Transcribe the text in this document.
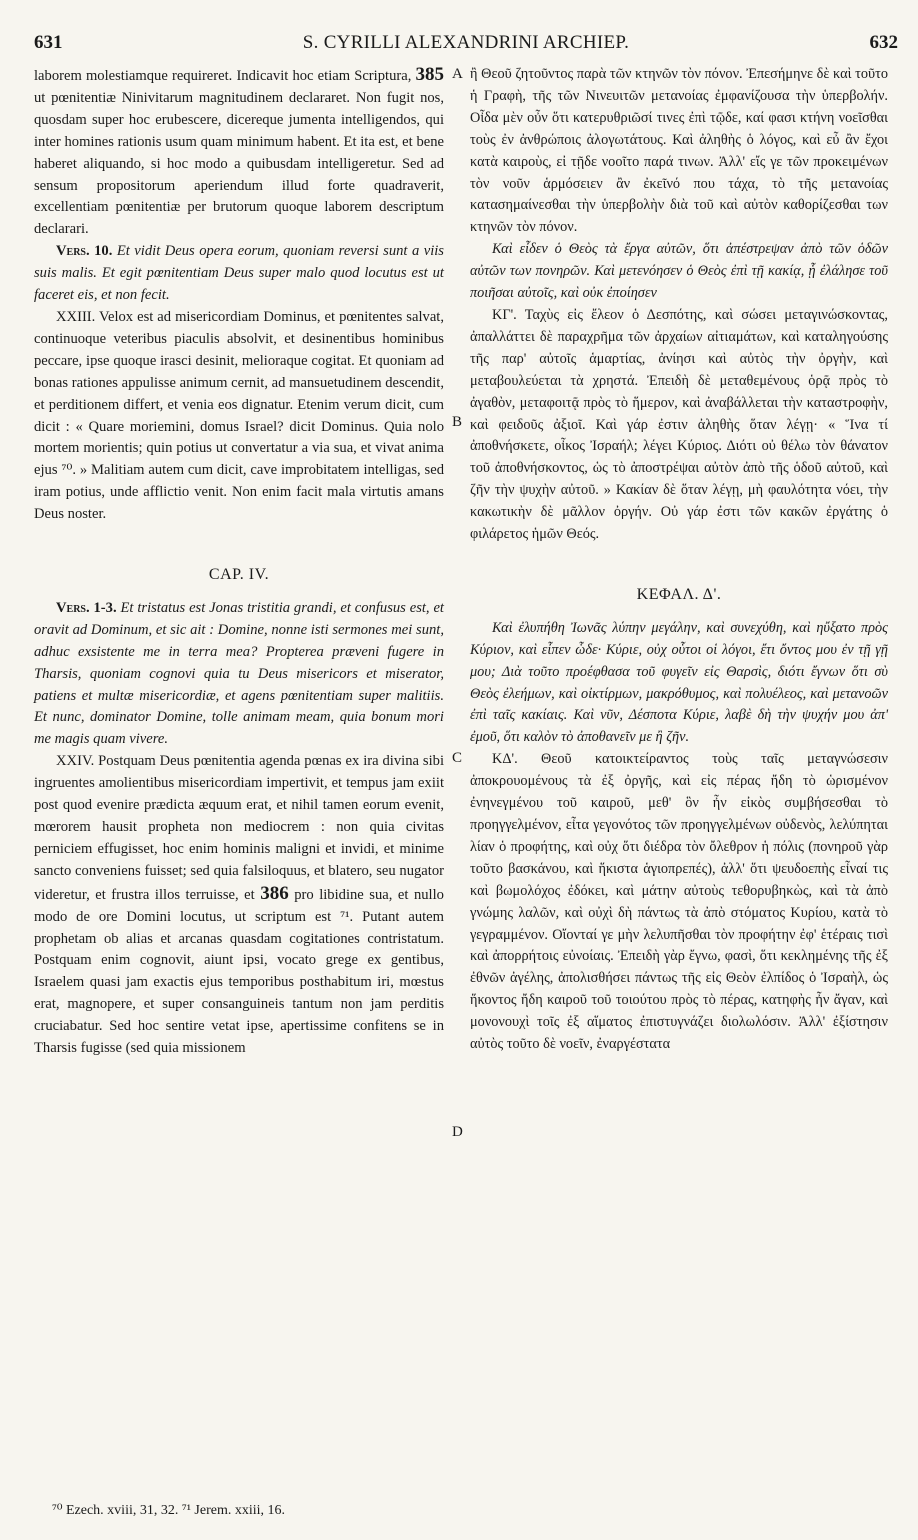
631	S. CYRILLI ALEXANDRINI ARCHIEP.	632
A
B
C
D

laborem molestiamque requireret. Indicavit hoc etiam Scriptura, 385 ut pœnitentiæ Ninivitarum magnitudinem declararet. Non fugit nos, quosdam super hoc erubescere, dicereque jumenta intelligendos, qui inter homines rationis usum quam minimum habent. Et ita est, et bene haberet aliquando, si hoc modo a quibusdam intelligeretur. Sed ad sensum propositorum aperiendum illud forte quadraverit, excellentiam pœnitentiæ per brutorum quoque laborem descriptum declarari.

Vers. 10. Et vidit Deus opera eorum, quoniam reversi sunt a viis suis malis. Et egit pœnitentiam Deus super malo quod locutus est ut faceret eis, et non fecit.

XXIII. Velox est ad misericordiam Dominus, et pœnitentes salvat, continuoque veteribus piaculis absolvit, et desinentibus hominibus peccare, ipse quoque irasci desinit, melioraque cogitat. Et quoniam ad bonas rationes appulisse animum cernit, ad mansuetudinem descendit, et perditionem differt, et venia eos dignatur. Etenim verum dicit, cum dicit : « Quare moriemini, domus Israel? dicit Dominus. Quia nolo mortem morientis; quin potius ut convertatur a via sua, et vivat anima ejus ⁷⁰. » Malitiam autem cum dicit, cave improbitatem intelligas, sed iram potius, unde afflictio venit. Non enim facit mala virtutis amans Deus noster.

CAP. IV.

Vers. 1-3. Et tristatus est Jonas tristitia grandi, et confusus est, et oravit ad Dominum, et sic ait : Domine, nonne isti sermones mei sunt, adhuc exsistente me in terra mea? Propterea præveni fugere in Tharsis, quoniam cognovi quia tu Deus misericors et miserator, patiens et multæ misericordiæ, et agens pœnitentiam super malitiis. Et nunc, dominator Domine, tolle animam meam, quia bonum mori me magis quam vivere.

XXIV. Postquam Deus pœnitentia agenda pœnas ex ira divina sibi ingruentes amolientibus misericordiam impertivit, et tempus jam exiit post quod evenire prædicta æquum erat, et nihil tamen eorum evenit, mœrorem hausit propheta non mediocrem : non quia civitas perniciem effugisset, hoc enim hominis maligni et invidi, et minime sancto conveniens fuisset; sed quia falsiloquus, et blatero, seu nugator videretur, et frustra illos terruisse, et 386 pro libidine sua, et nullo modo de ore Domini locutus, ut scriptum est ⁷¹. Putant autem prophetam ob alias et arcanas quasdam cogitationes contristatum. Postquam enim cognovit, aiunt ipsi, vocato grege ex gentibus, Israelem quasi jam exactis ejus temporibus posthabitum iri, mœstus erat, magnopere, et super consanguineis tantum non jam perditis cruciabatur. Sed hoc sentire vetat ipse, apertissime confitens se in Tharsis fugisse (sed quia missionem

ἢ Θεοῦ ζητοῦντος παρὰ τῶν κτηνῶν τὸν πόνον. Ἐπεσήμηνε δὲ καὶ τοῦτο ἡ Γραφὴ, τῆς τῶν Νινευιτῶν μετανοίας ἐμφανίζουσα τὴν ὑπερβολήν. Οἶδα μὲν οὖν ὅτι κατερυθριῶσί τινες ἐπὶ τῷδε, καί φασι κτήνη νοεῖσθαι τοὺς ἐν ἀνθρώποις ἀλογωτάτους. Καὶ ἀληθὴς ὁ λόγος, καὶ εὖ ἂν ἔχοι κατὰ καιροὺς, εἰ τῇδε νοοῖτο παρά τινων. Ἀλλ' εἴς γε τῶν προκειμένων τὸν νοῦν ἁρμόσειεν ἂν ἐκεῖνό που τάχα, τὸ τῆς μετανοίας κατασημαίνεσθαι τὴν ὑπερβολὴν διὰ τοῦ καὶ αὐτὸν καθορίζεσθαι των κτηνῶν τὸν πόνον.

Καὶ εἶδεν ὁ Θεὸς τὰ ἔργα αὐτῶν, ὅτι ἀπέστρεψαν ἀπὸ τῶν ὁδῶν αὐτῶν των πονηρῶν. Καὶ μετενόησεν ὁ Θεὸς ἐπὶ τῇ κακίᾳ, ᾗ ἐλάλησε τοῦ ποιῆσαι αὐτοῖς, καὶ οὐκ ἐποίησεν

ΚΓ'. Ταχὺς εἰς ἔλεον ὁ Δεσπότης, καὶ σώσει μεταγινώσκοντας, ἀπαλλάττει δὲ παραχρῆμα τῶν ἀρχαίων αἰτιαμάτων, καὶ καταληγούσης τῆς παρ' αὐτοῖς ἁμαρτίας, ἀνίησι καὶ αὐτὸς τὴν ὀργὴν, καὶ μεταβουλεύεται τὰ χρηστά. Ἐπειδὴ δὲ μεταθεμένους ὁρᾷ πρὸς τὸ ἀγαθὸν, μεταφοιτᾷ πρὸς τὸ ἥμερον, καὶ ἀναβάλλεται τὴν καταστροφὴν, καὶ φειδοῦς ἀξιοῖ. Καὶ γάρ ἐστιν ἀληθὴς ὅταν λέγῃ· « Ἵνα τί ἀποθνήσκετε, οἶκος Ἰσραήλ; λέγει Κύριος. Διότι οὐ θέλω τὸν θάνατον τοῦ ἀποθνήσκοντος, ὡς τὸ ἀποστρέψαι αὐτὸν ἀπὸ τῆς ὁδοῦ αὐτοῦ, καὶ ζῆν τὴν ψυχὴν αὐτοῦ. » Κακίαν δὲ ὅταν λέγῃ, μὴ φαυλότητα νόει, τὴν κακωτικὴν δὲ μᾶλλον ὀργήν. Οὐ γάρ ἐστι τῶν κακῶν ἐργάτης ὁ φιλάρετος ἡμῶν Θεός.

ΚΕΦΑΛ. Δ'.

Καὶ ἐλυπήθη Ἰωνᾶς λύπην μεγάλην, καὶ συνεχύθη, καὶ ηὔξατο πρὸς Κύριον, καὶ εἶπεν ὧδε· Κύριε, οὐχ οὗτοι οἱ λόγοι, ἔτι ὄντος μου ἐν τῇ γῇ μου; Διὰ τοῦτο προέφθασα τοῦ φυγεῖν εἰς Θαρσὶς, διότι ἔγνων ὅτι σὺ Θεὸς ἐλεήμων, καὶ οἰκτίρμων, μακρόθυμος, καὶ πολυέλεος, καὶ μετανοῶν ἐπὶ ταῖς κακίαις. Καὶ νῦν, Δέσποτα Κύριε, λαβὲ δὴ τὴν ψυχήν μου ἀπ' ἐμοῦ, ὅτι καλὸν τὸ ἀποθανεῖν με ἢ ζῆν.

ΚΔ'. Θεοῦ κατοικτείραντος τοὺς ταῖς μεταγνώσεσιν ἀποκρουομένους τὰ ἐξ ὀργῆς, καὶ εἰς πέρας ἤδη τὸ ὡρισμένον ἐνηνεγμένου τοῦ καιροῦ, μεθ' ὃν ἦν εἰκὸς συμβήσεσθαι τὸ προηγγελμένον, εἶτα γεγονότος τῶν προηγγελμένων οὐδενὸς, λελύπηται λίαν ὁ προφήτης, καὶ οὐχ ὅτι διέδρα τὸν ὄλεθρον ἡ πόλις (πονηροῦ γὰρ τοῦτο βασκάνου, καὶ ἥκιστα ἁγιοπρεπές), ἀλλ' ὅτι ψευδοεπὴς εἶναί τις καὶ βωμολόχος ἐδόκει, καὶ μάτην αὐτοὺς τεθορυβηκὼς, καὶ τὰ ἀπὸ γνώμης λαλῶν, καὶ οὐχὶ δὴ πάντως τὰ ἀπὸ στόματος Κυρίου, κατὰ τὸ γεγραμμένον. Οἴονταί γε μὴν λελυπῆσθαι τὸν προφήτην ἐφ' ἑτέραις τισὶ καὶ ἀπορρήτοις εὐνοίαις. Ἐπειδὴ γὰρ ἔγνω, φασὶ, ὅτι κεκλημένης τῆς ἐξ ἐθνῶν ἀγέλης, ἀπολισθήσει πάντως τῆς εἰς Θεὸν ἐλπίδος ὁ Ἰσραὴλ, ὡς ἥκοντος ἤδη καιροῦ τοῦ τοιούτου πρὸς τὸ πέρας, κατηφὴς ἦν ἄγαν, καὶ μονονουχὶ τοῖς ἐξ αἵματος ἐπιστυγνάζει διολωλόσιν. Ἀλλ' ἐξίστησιν αὐτὸς τοῦτο δὲ νοεῖν, ἐναργέστατα

⁷⁰ Ezech. xviii, 31, 32. ⁷¹ Jerem. xxiii, 16.
